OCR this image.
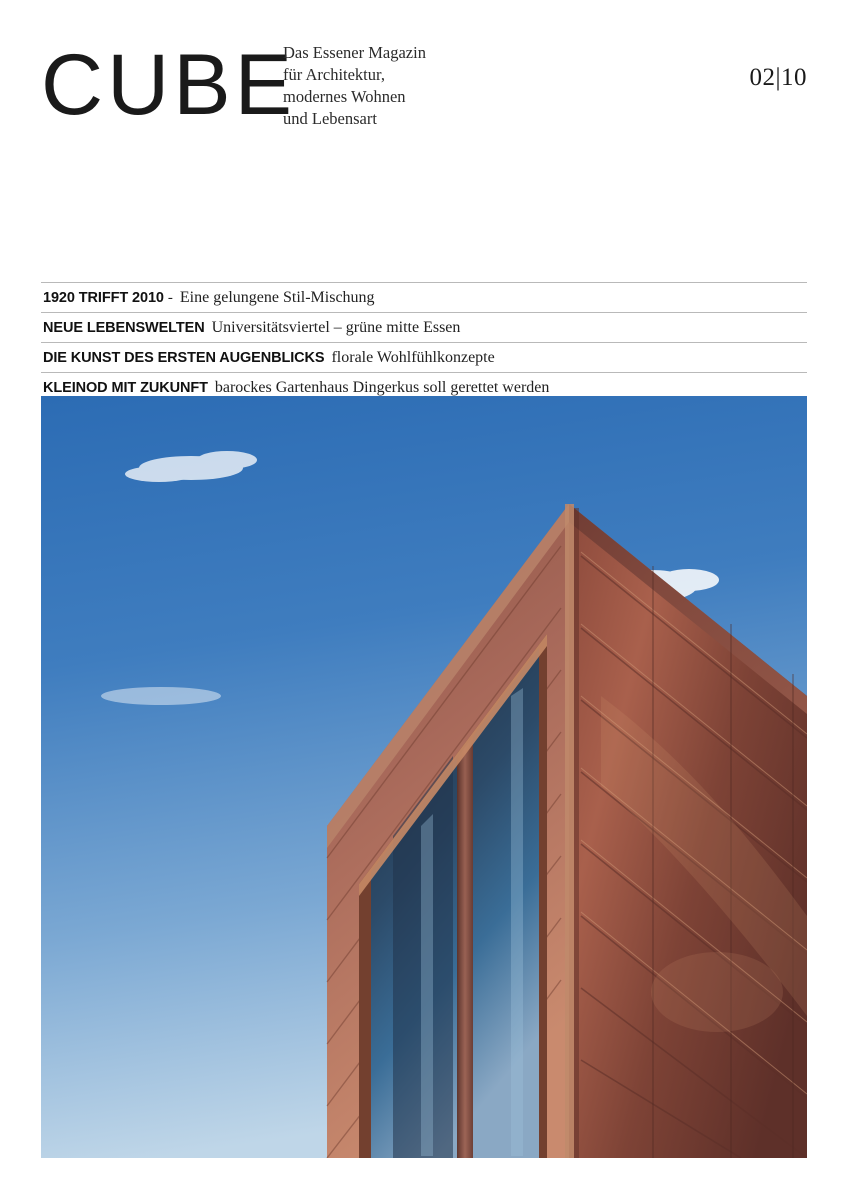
CUBE
Das Essener Magazin
für Architektur,
modernes Wohnen
und Lebensart
02|10
1920 TRIFFT 2010 - Eine gelungene Stil-Mischung
NEUE LEBENSWELTEN Universitätsviertel – grüne mitte Essen
DIE KUNST DES ERSTEN AUGENBLICKS florale Wohlfühlkonzepte
KLEINOD MIT ZUKUNFT barockes Gartenhaus Dingerkus soll gerettet werden
